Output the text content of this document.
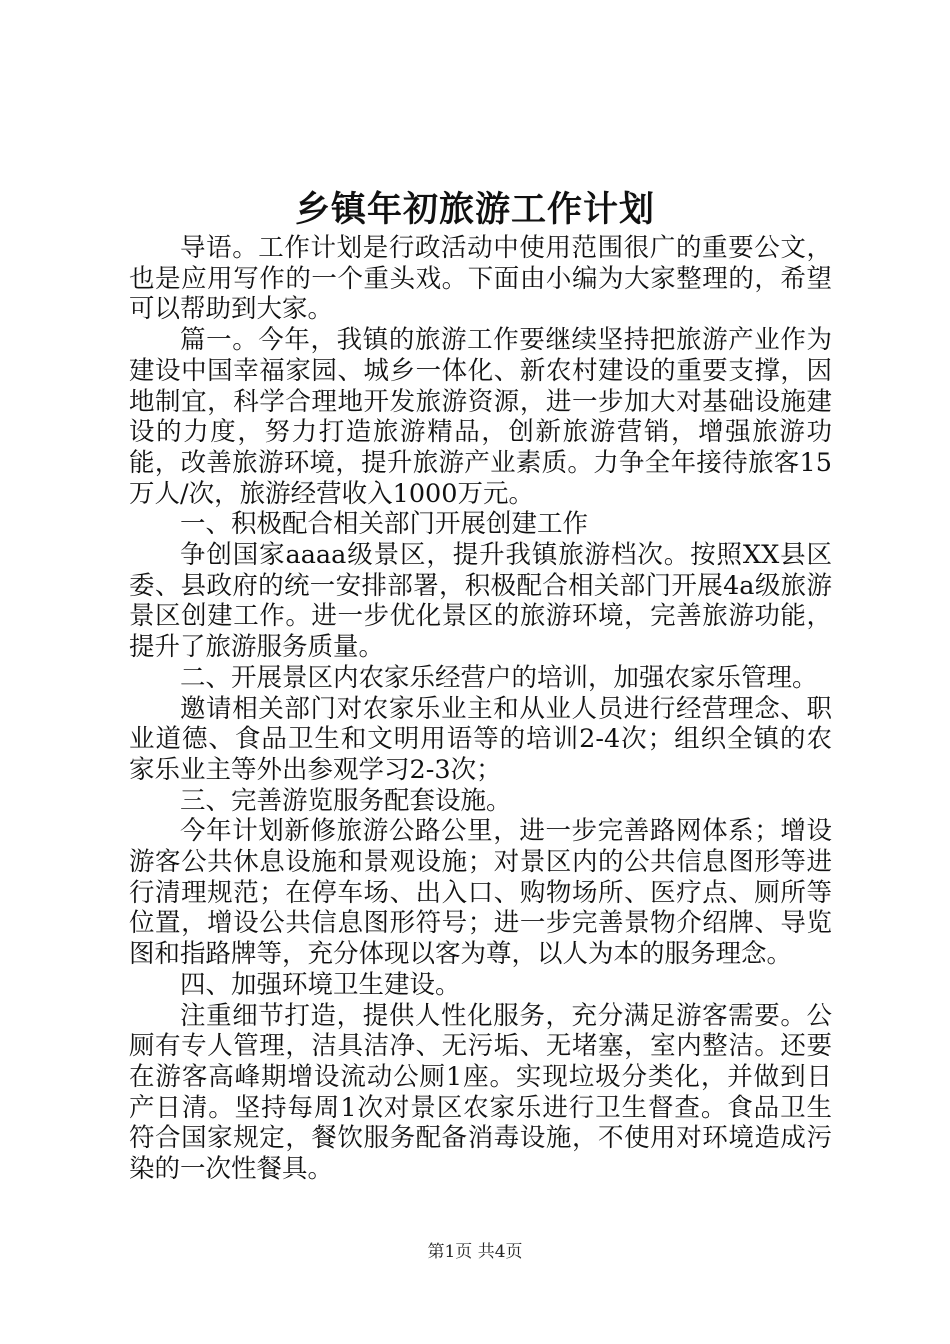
乡镇年初旅游工作计划

导语。工作计划是行政活动中使用范围很广的重要公文，也是应用写作的一个重头戏。下面由小编为大家整理的，希望可以帮助到大家。

篇一。今年，我镇的旅游工作要继续坚持把旅游产业作为建设中国幸福家园、城乡一体化、新农村建设的重要支撑，因地制宜，科学合理地开发旅游资源，进一步加大对基础设施建设的力度，努力打造旅游精品，创新旅游营销，增强旅游功能，改善旅游环境，提升旅游产业素质。力争全年接待旅客15万人/次，旅游经营收入1000万元。

一、积极配合相关部门开展创建工作

争创国家aaaa级景区，提升我镇旅游档次。按照XX县区委、县政府的统一安排部署，积极配合相关部门开展4a级旅游景区创建工作。进一步优化景区的旅游环境，完善旅游功能，提升了旅游服务质量。

二、开展景区内农家乐经营户的培训，加强农家乐管理。

邀请相关部门对农家乐业主和从业人员进行经营理念、职业道德、食品卫生和文明用语等的培训2-4次；组织全镇的农家乐业主等外出参观学习2-3次；

三、完善游览服务配套设施。

今年计划新修旅游公路公里，进一步完善路网体系；增设游客公共休息设施和景观设施；对景区内的公共信息图形等进行清理规范；在停车场、出入口、购物场所、医疗点、厕所等位置，增设公共信息图形符号；进一步完善景物介绍牌、导览图和指路牌等，充分体现以客为尊，以人为本的服务理念。

四、加强环境卫生建设。

注重细节打造，提供人性化服务，充分满足游客需要。公厕有专人管理，洁具洁净、无污垢、无堵塞，室内整洁。还要在游客高峰期增设流动公厕1座。实现垃圾分类化，并做到日产日清。坚持每周1次对景区农家乐进行卫生督查。食品卫生符合国家规定，餐饮服务配备消毒设施，不使用对环境造成污染的一次性餐具。

第1页 共4页
